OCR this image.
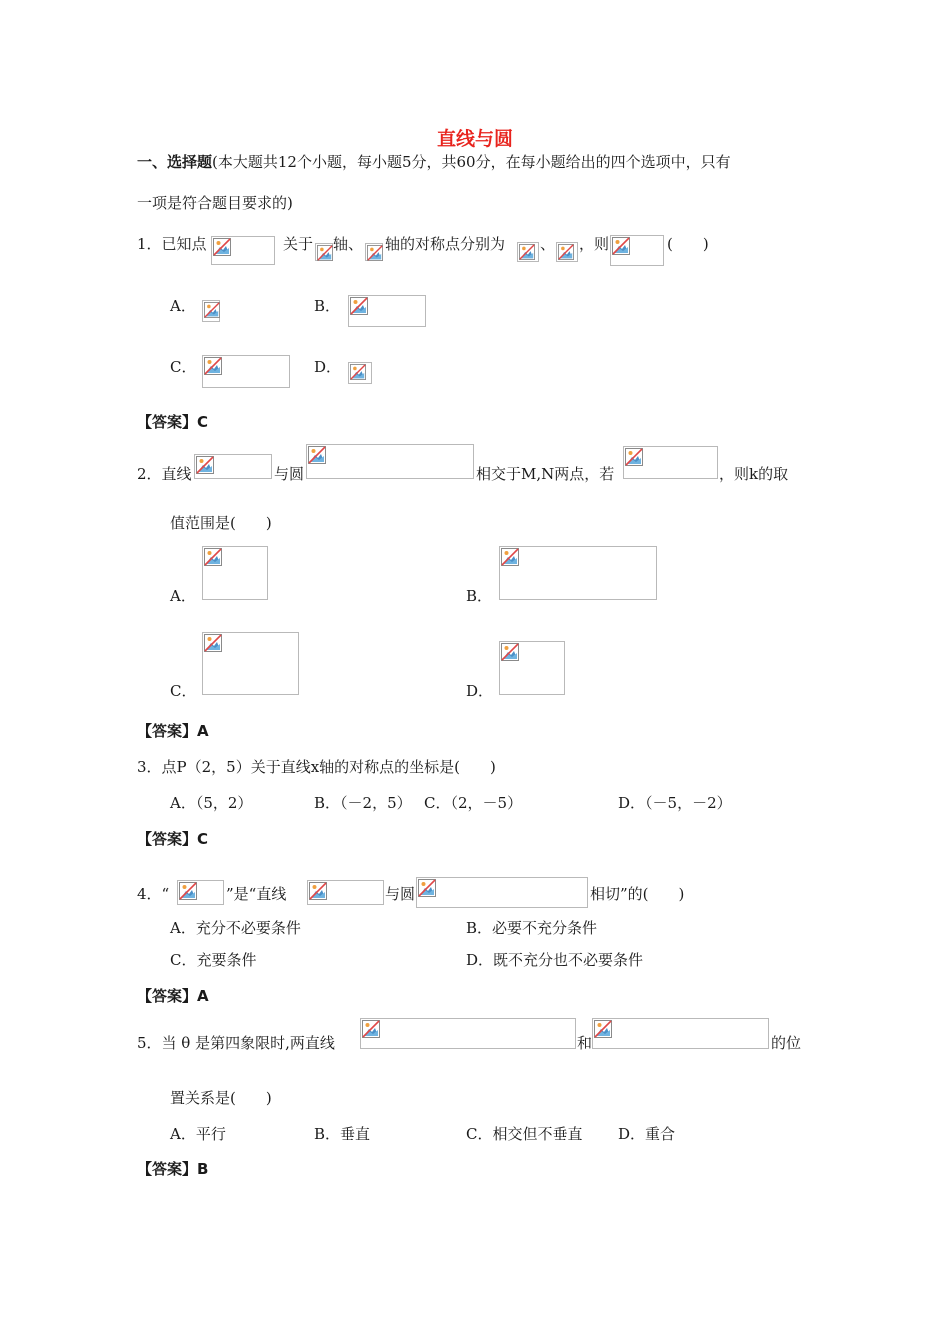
直线与圆
一、选择题(本大题共12个小题，每小题5分，共60分，在每小题给出的四个选项中，只有
一项是符合题目要求的)
1．已知点	关于 轴、 轴的对称点分别为 、 ，则	(　　)
A．	B．
C．	D．
【答案】C
2．直线	与圆	相交于M,N两点，若	，则k的取
值范围是(　　)
A．	B．
C．	D．
【答案】A
3．点P（2，5）关于直线x轴的对称点的坐标是(　　)
A．（5，2）	B．（－2，5） C．（2，－5）	D．（－5，－2）
【答案】C
4．“	”是“直线	与圆	相切”的(　　)
A．充分不必要条件	B．必要不充分条件
C．充要条件	D．既不充分也不必要条件
【答案】A
5．当 θ 是第四象限时,两直线	和	的位
置关系是(　　)
A．平行	B．垂直	C．相交但不垂直 D．重合
【答案】B
